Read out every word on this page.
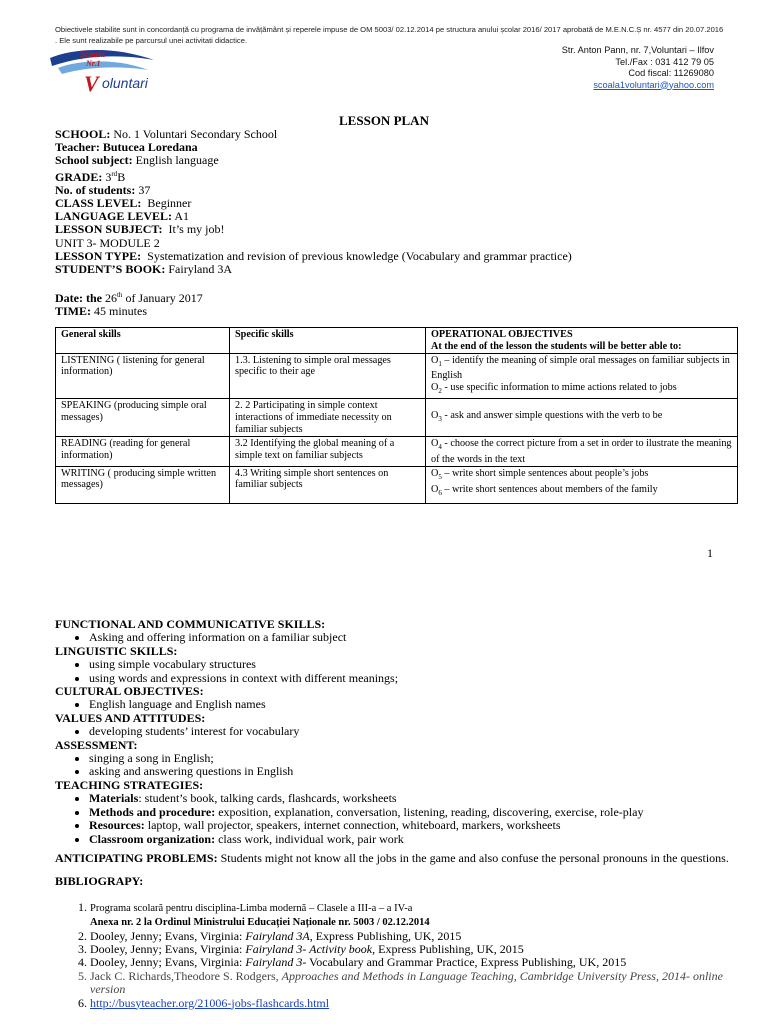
Obiectivele stabilite sunt in concordanță cu programa de invățământ și reperele impuse de OM 5003/ 02.12.2014 pe structura anului școlar 2016/ 2017 aprobată de M.E.N.C.Ș nr. 4577 din 20.07.2016 . Ele sunt realizabile pe parcursul unei activitati didactice.
Școala
Nr.1
V oluntari
Str. Anton Pann, nr. 7,Voluntari – Ilfov
Tel./Fax : 031 412 79 05
Cod fiscal: 11269080
scoala1voluntari@yahoo.com
LESSON PLAN
SCHOOL: No. 1 Voluntari Secondary School
Teacher: Butucea Loredana
School subject: English language
GRADE: 3rdB
No. of students: 37
CLASS LEVEL: Beginner
LANGUAGE LEVEL: A1
LESSON SUBJECT: It’s my job!
UNIT 3- MODULE 2
LESSON TYPE: Systematization and revision of previous knowledge (Vocabulary and grammar practice)
STUDENT’S BOOK: Fairyland 3A
Date: the 26th of January 2017
TIME: 45 minutes
General skills	Specific skills	OPERATIONAL OBJECTIVES
At the end of the lesson the students will be better able to:

LISTENING ( listening for general information)	1.3. Listening to simple oral messages specific to their age	$O_1$ – identify the meaning of simple oral messages on familiar subjects in English
$O_2$ - use specific information to mime actions related to jobs

SPEAKING (producing simple oral messages)	2. 2 Participating in simple context interactions of immediate necessity on familiar subjects	$O_3$ - ask and answer simple questions with the verb to be

READING (reading for general information)	3.2 Identifying the global meaning of a simple text on familiar subjects	$O_4$ - choose the correct picture from a set in order to ilustrate the meaning of the words in the text

WRITING ( producing simple written messages)	4.3 Writing simple short sentences on familiar subjects	$O_5$ – write short simple sentences about people’s jobs
$O_6$ – write short sentences about members of the family
1
FUNCTIONAL AND COMMUNICATIVE SKILLS:
• Asking and offering information on a familiar subject
LINGUISTIC SKILLS:
• using simple vocabulary structures
• using words and expressions in context with different meanings;
CULTURAL OBJECTIVES:
• English language and English names
VALUES AND ATTITUDES:
• developing students’ interest for vocabulary
ASSESSMENT:
• singing a song in English;
• asking and answering questions in English
TEACHING STRATEGIES:
• Materials: student’s book, talking cards, flashcards, worksheets
• Methods and procedure: exposition, explanation, conversation, listening, reading, discovering, exercise, role-play
• Resources: laptop, wall projector, speakers, internet connection, whiteboard, markers, worksheets
• Classroom organization: class work, individual work, pair work
ANTICIPATING PROBLEMS: Students might not know all the jobs in the game and also confuse the personal pronouns in the questions.
BIBLIOGRAPY:
1. Programa scolară pentru disciplina-Limba modernă – Clasele a III-a – a IV-a
Anexa nr. 2 la Ordinul Ministrului Educației Naționale nr. 5003 / 02.12.2014
2. Dooley, Jenny; Evans, Virginia: Fairyland 3A, Express Publishing, UK, 2015
3. Dooley, Jenny; Evans, Virginia: Fairyland 3- Activity book, Express Publishing, UK, 2015
4. Dooley, Jenny; Evans, Virginia: Fairyland 3- Vocabulary and Grammar Practice, Express Publishing, UK, 2015
5. Jack C. Richards,Theodore S. Rodgers, Approaches and Methods in Language Teaching, Cambridge University Press, 2014- online version
6. http://busyteacher.org/21006-jobs-flashcards.html
